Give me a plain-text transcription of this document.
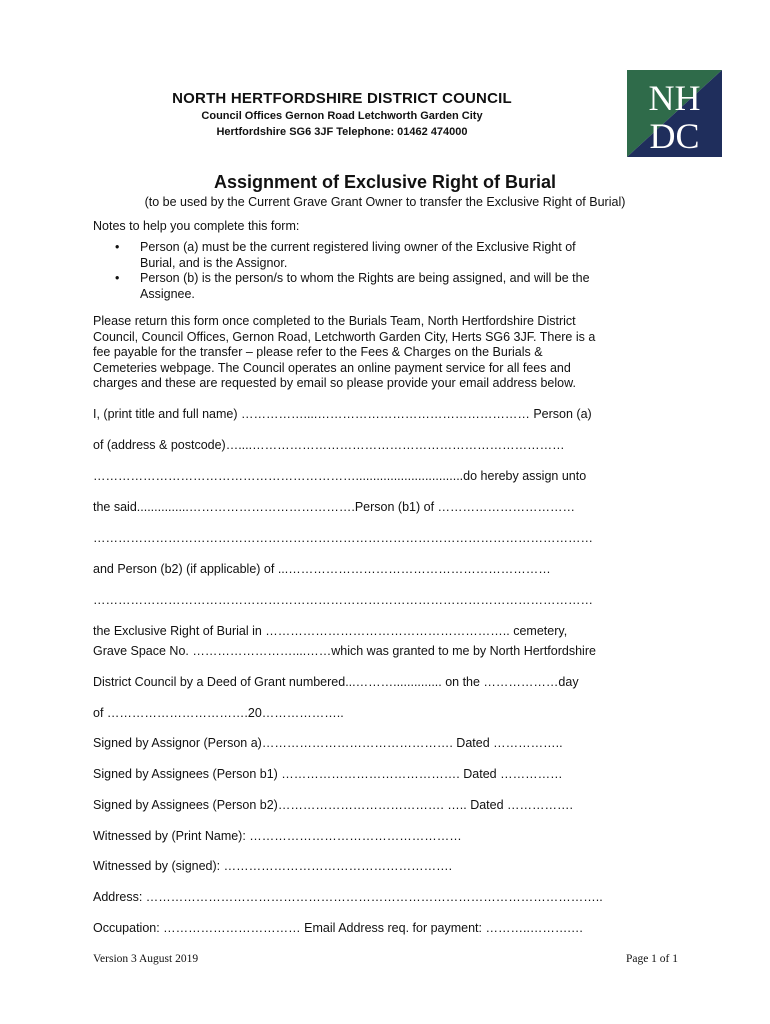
NORTH HERTFORDSHIRE DISTRICT COUNCIL
Council Offices Gernon Road Letchworth Garden City
Hertfordshire SG6 3JF Telephone: 01462 474000
NH
DC
Assignment of Exclusive Right of Burial
(to be used by the Current Grave Grant Owner to transfer the Exclusive Right of Burial)
Notes to help you complete this form:
• Person (a) must be the current registered living owner of the Exclusive Right of
Burial, and is the Assignor.
• Person (b) is the person/s to whom the Rights are being assigned, and will be the
Assignee.
Please return this form once completed to the Burials Team, North Hertfordshire District
Council, Council Offices, Gernon Road, Letchworth Garden City, Herts SG6 3JF. There is a
fee payable for the transfer – please refer to the Fees & Charges on the Burials &
Cemeteries webpage. The Council operates an online payment service for all fees and
charges and these are requested by email so please provide your email address below.
I, (print title and full name) ……………....…………………………………………… Person (a)
of (address & postcode)…....…………………………………………………………………
………………………………………………………...............................do hereby assign unto
the said...............………………………………….Person (b1) of ……………………………
…………………………………………………………………………………………………………
and Person (b2) (if applicable) of ...………………………………………………………
…………………………………………………………………………………………………………
the Exclusive Right of Burial in ………………………………………………….. cemetery,
Grave Space No. ……………………....……which was granted to me by North Hertfordshire
District Council by a Deed of Grant numbered...……….............. on the ………………day
of …………………………….20………………..
Signed by Assignor (Person a)………………………………………. Dated ……………..
Signed by Assignees (Person b1) ……………………………………. Dated ……………
Signed by Assignees (Person b2)…………………………………. ….. Dated …………….
Witnessed by (Print Name): ……………………………………………
Witnessed by (signed): ……………………………………………….
Address: ………………………………………………………………………………………………..
Occupation: …………………………… Email Address req. for payment: ………..……….…
Version 3 August 2019	Page 1 of 1
